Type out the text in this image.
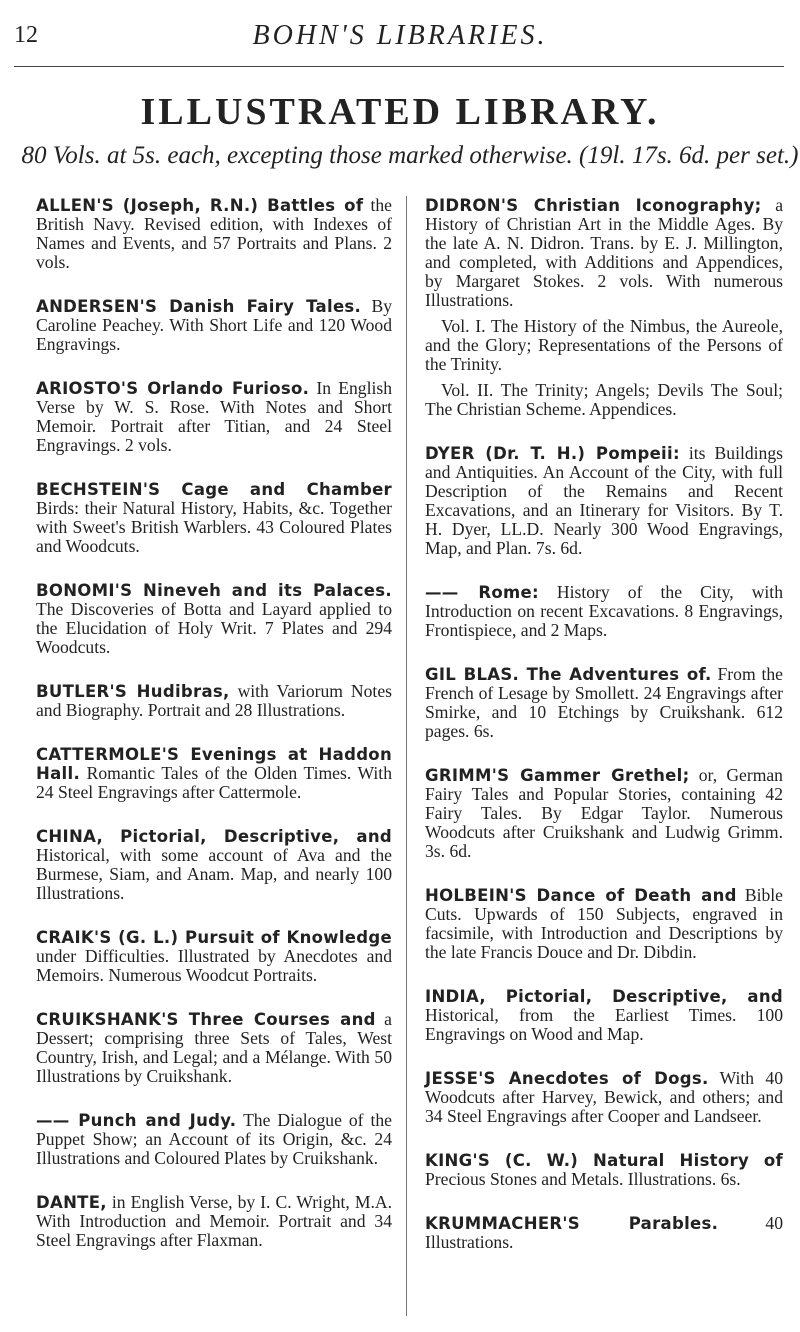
12	BOHN'S LIBRARIES.
ILLUSTRATED LIBRARY.
80 Vols. at 5s. each, excepting those marked otherwise. (19l. 17s. 6d. per set.)

ALLEN'S (Joseph, R.N.) Battles of the British Navy. Revised edition, with Indexes of Names and Events, and 57 Portraits and Plans. 2 vols.

ANDERSEN'S Danish Fairy Tales. By Caroline Peachey. With Short Life and 120 Wood Engravings.

ARIOSTO'S Orlando Furioso. In English Verse by W. S. Rose. With Notes and Short Memoir. Portrait after Titian, and 24 Steel Engravings. 2 vols.

BECHSTEIN'S Cage and Chamber Birds: their Natural History, Habits, &c. Together with Sweet's British Warblers. 43 Coloured Plates and Woodcuts.

BONOMI'S Nineveh and its Palaces. The Discoveries of Botta and Layard applied to the Elucidation of Holy Writ. 7 Plates and 294 Woodcuts.

BUTLER'S Hudibras, with Variorum Notes and Biography. Portrait and 28 Illustrations.

CATTERMOLE'S Evenings at Haddon Hall. Romantic Tales of the Olden Times. With 24 Steel Engravings after Cattermole.

CHINA, Pictorial, Descriptive, and Historical, with some account of Ava and the Burmese, Siam, and Anam. Map, and nearly 100 Illustrations.

CRAIK'S (G. L.) Pursuit of Knowledge under Difficulties. Illustrated by Anecdotes and Memoirs. Numerous Woodcut Portraits.

CRUIKSHANK'S Three Courses and a Dessert; comprising three Sets of Tales, West Country, Irish, and Legal; and a Mélange. With 50 Illustrations by Cruikshank.

—— Punch and Judy. The Dialogue of the Puppet Show; an Account of its Origin, &c. 24 Illustrations and Coloured Plates by Cruikshank.

DANTE, in English Verse, by I. C. Wright, M.A. With Introduction and Memoir. Portrait and 34 Steel Engravings after Flaxman.

DIDRON'S Christian Iconography; a History of Christian Art in the Middle Ages. By the late A. N. Didron. Trans. by E. J. Millington, and completed, with Additions and Appendices, by Margaret Stokes. 2 vols. With numerous Illustrations.

Vol. I. The History of the Nimbus, the Aureole, and the Glory; Representations of the Persons of the Trinity.

Vol. II. The Trinity; Angels; Devils The Soul; The Christian Scheme. Appendices.

DYER (Dr. T. H.) Pompeii: its Buildings and Antiquities. An Account of the City, with full Description of the Remains and Recent Excavations, and an Itinerary for Visitors. By T. H. Dyer, LL.D. Nearly 300 Wood Engravings, Map, and Plan. 7s. 6d.

—— Rome: History of the City, with Introduction on recent Excavations. 8 Engravings, Frontispiece, and 2 Maps.

GIL BLAS. The Adventures of. From the French of Lesage by Smollett. 24 Engravings after Smirke, and 10 Etchings by Cruikshank. 612 pages. 6s.

GRIMM'S Gammer Grethel; or, German Fairy Tales and Popular Stories, containing 42 Fairy Tales. By Edgar Taylor. Numerous Woodcuts after Cruikshank and Ludwig Grimm. 3s. 6d.

HOLBEIN'S Dance of Death and Bible Cuts. Upwards of 150 Subjects, engraved in facsimile, with Introduction and Descriptions by the late Francis Douce and Dr. Dibdin.

INDIA, Pictorial, Descriptive, and Historical, from the Earliest Times. 100 Engravings on Wood and Map.

JESSE'S Anecdotes of Dogs. With 40 Woodcuts after Harvey, Bewick, and others; and 34 Steel Engravings after Cooper and Landseer.

KING'S (C. W.) Natural History of Precious Stones and Metals. Illustrations. 6s.

KRUMMACHER'S Parables.	40 Illustrations.
